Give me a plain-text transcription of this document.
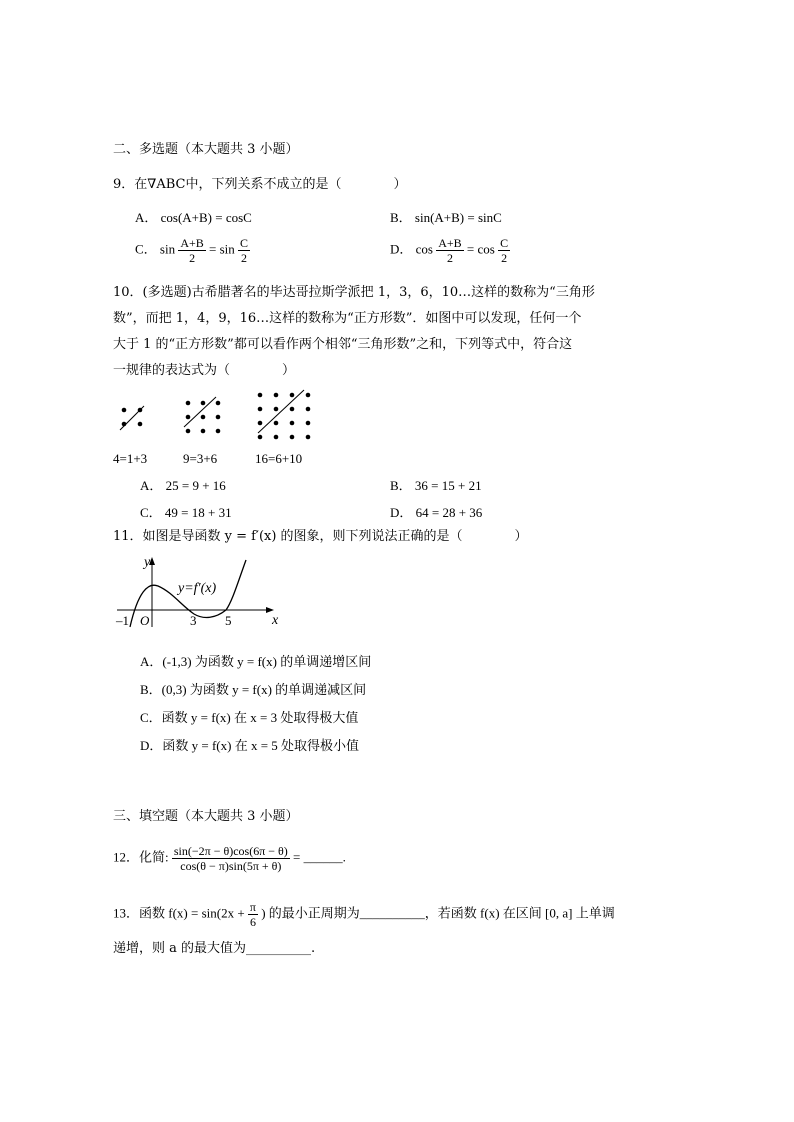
二、多选题（本大题共 3 小题）
9．在∇ABC中，下列关系不成立的是（　　　　）
A． cos(A+B) = cosC	B． sin(A+B) = sinC
C． $\sin \frac{A+B}{2} = \sin \frac{C}{2}$	D． $\cos \frac{A+B}{2} = \cos \frac{C}{2}$
10．(多选题)古希腊著名的毕达哥拉斯学派把 1，3，6，10…这样的数称为“三角形
数”，而把 1，4，9，16…这样的数称为“正方形数”．如图中可以发现，任何一个
大于 1 的“正方形数”都可以看作两个相邻“三角形数”之和，下列等式中，符合这
一规律的表达式为（　　　　）
4=1+3	9=3+6	16=6+10
A． 25 = 9 + 16	B． 36 = 15 + 21
C． 49 = 18 + 31	D． 64 = 28 + 36
11．如图是导函数 y = f′(x) 的图象，则下列说法正确的是（　　　　）
x
y
y=f′(x)
–1 O	3 5
A．(-1,3) 为函数 y = f(x) 的单调递增区间
B．(0,3) 为函数 y = f(x) 的单调递减区间
C．函数 y = f(x) 在 x = 3 处取得极大值
D．函数 y = f(x) 在 x = 5 处取得极小值
三、填空题（本大题共 3 小题）
12．化简: $\frac{\sin(-2\pi - \theta)\cos(6\pi - \theta)}{\cos(\theta - \pi)\sin(5\pi + \theta)}$ = ______.
13．函数 $f(x) = \sin(2x + \frac{\pi}{6}$ ) 的最小正周期为__________，若函数 f(x) 在区间 [0, a] 上单调
递增，则 a 的最大值为__________.
